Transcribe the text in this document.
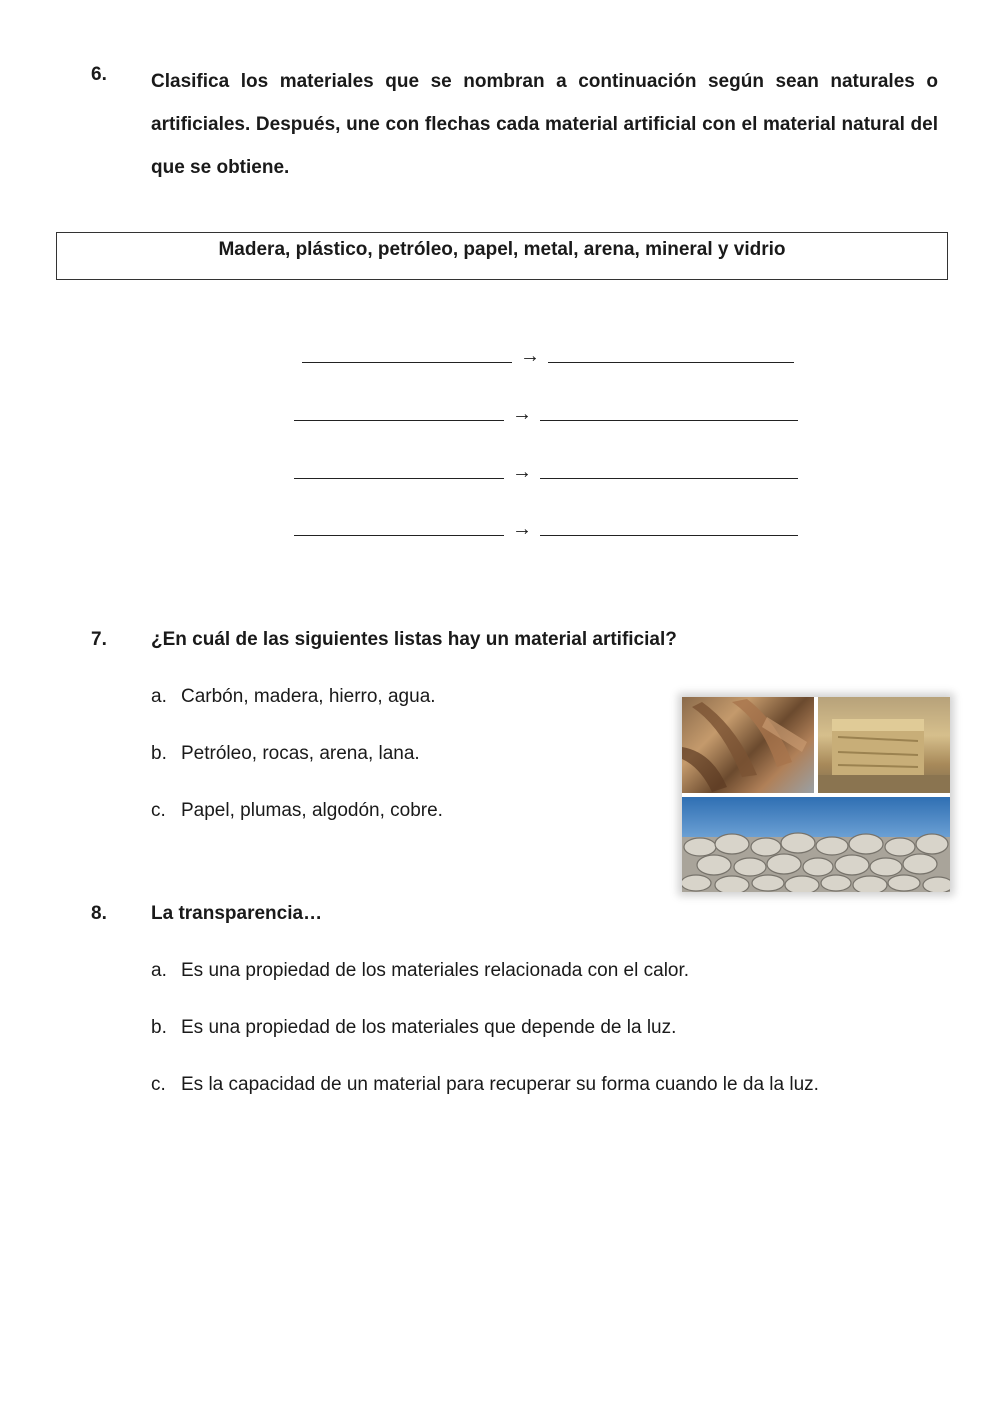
6. Clasifica los materiales que se nombran a continuación según sean naturales o artificiales. Después, une con flechas cada material artificial con el material natural del que se obtiene.
Madera, plástico, petróleo, papel, metal, arena, mineral y vidrio
→
→
→
→
7. ¿En cuál de las siguientes listas hay un material artificial?
a. Carbón, madera, hierro, agua.
b. Petróleo, rocas, arena, lana.
c. Papel, plumas, algodón, cobre.
8. La transparencia…
a. Es una propiedad de los materiales relacionada con el calor.
b. Es una propiedad de los materiales que depende de la luz.
c. Es la capacidad de un material para recuperar su forma cuando le da la luz.
